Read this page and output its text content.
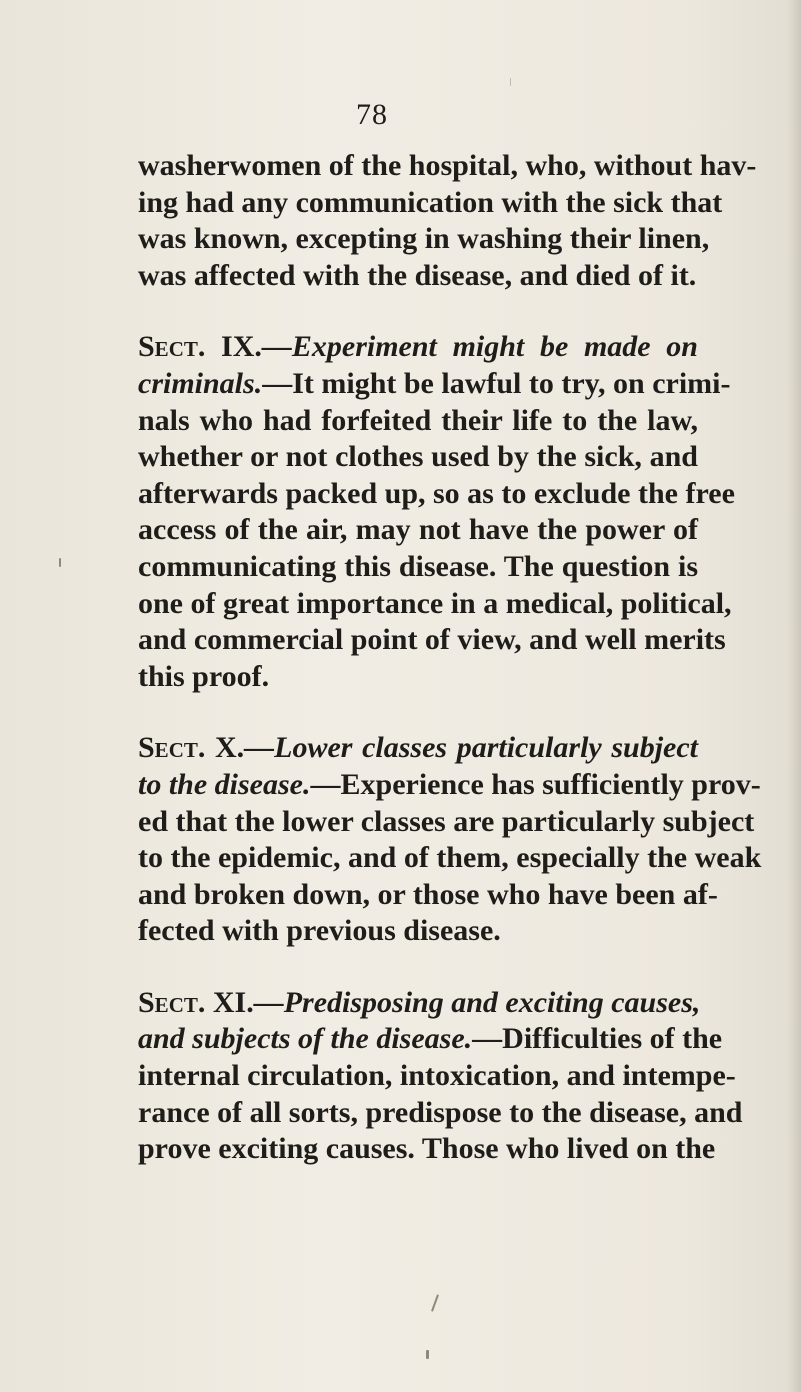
78
washerwomen of the hospital, who, without hav-
ing had any communication with the sick that
was known, excepting in washing their linen,
was affected with the disease, and died of it.
Sect. IX.—Experiment might be made on
criminals.—It might be lawful to try, on crimi-
nals who had forfeited their life to the law,
whether or not clothes used by the sick, and
afterwards packed up, so as to exclude the free
access of the air, may not have the power of
communicating this disease. The question is
one of great importance in a medical, political,
and commercial point of view, and well merits
this proof.
Sect. X.—Lower classes particularly subject
to the disease.—Experience has sufficiently prov-
ed that the lower classes are particularly subject
to the epidemic, and of them, especially the weak
and broken down, or those who have been af-
fected with previous disease.
Sect. XI.—Predisposing and exciting causes,
and subjects of the disease.—Difficulties of the
internal circulation, intoxication, and intempe-
rance of all sorts, predispose to the disease, and
prove exciting causes. Those who lived on the
